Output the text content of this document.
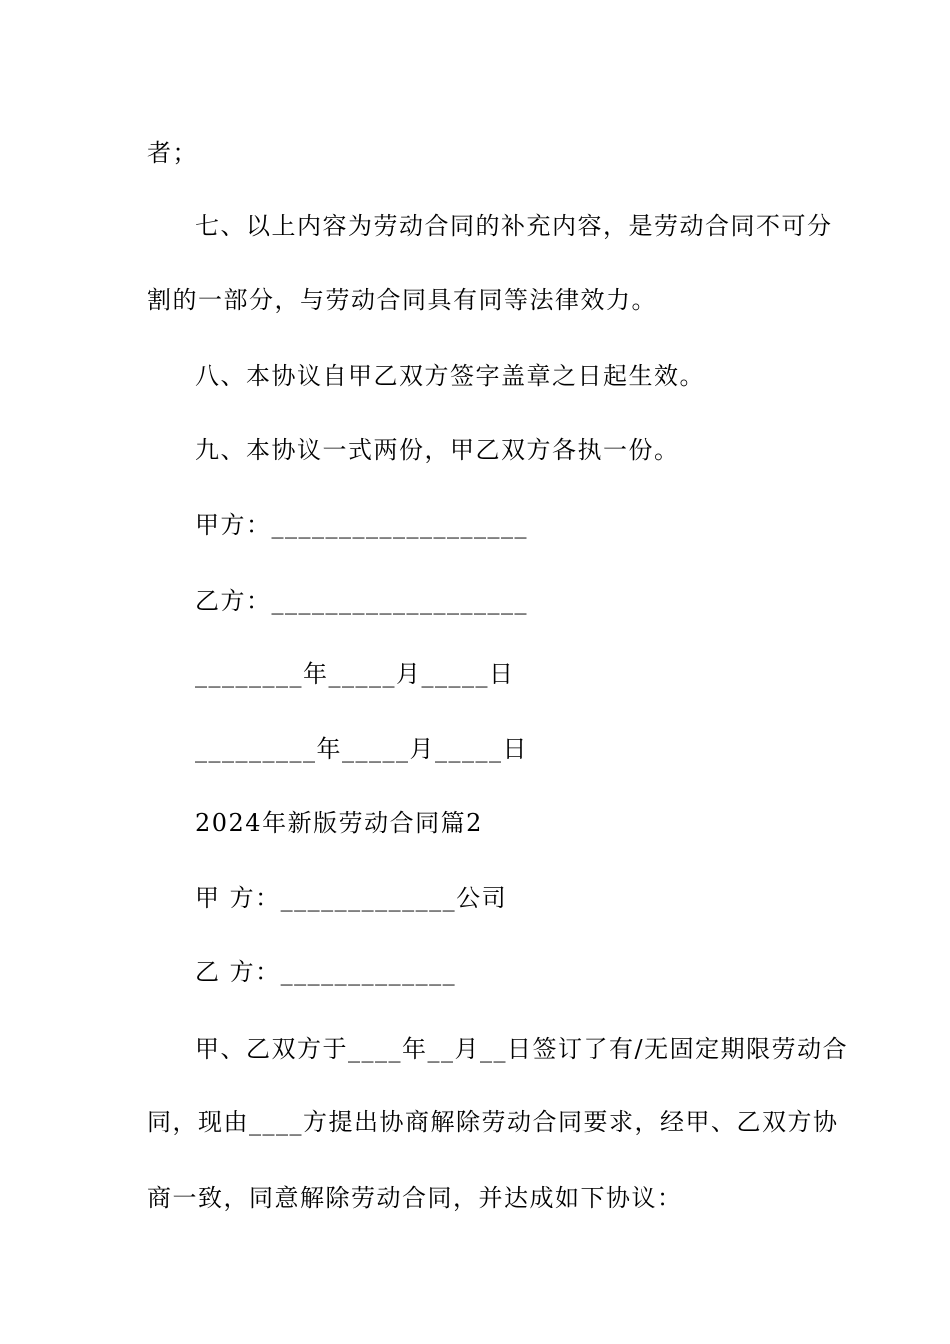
者；
七、以上内容为劳动合同的补充内容，是劳动合同不可分
割的一部分，与劳动合同具有同等法律效力。
八、本协议自甲乙双方签字盖章之日起生效。
九、本协议一式两份，甲乙双方各执一份。
甲方：___________________
乙方：___________________
________年_____月_____日
_________年_____月_____日
2024年新版劳动合同篇2
甲 方：_____________公司
乙 方：_____________
甲、乙双方于____年__月__日签订了有/无固定期限劳动合
同，现由____方提出协商解除劳动合同要求，经甲、乙双方协
商一致，同意解除劳动合同，并达成如下协议：
